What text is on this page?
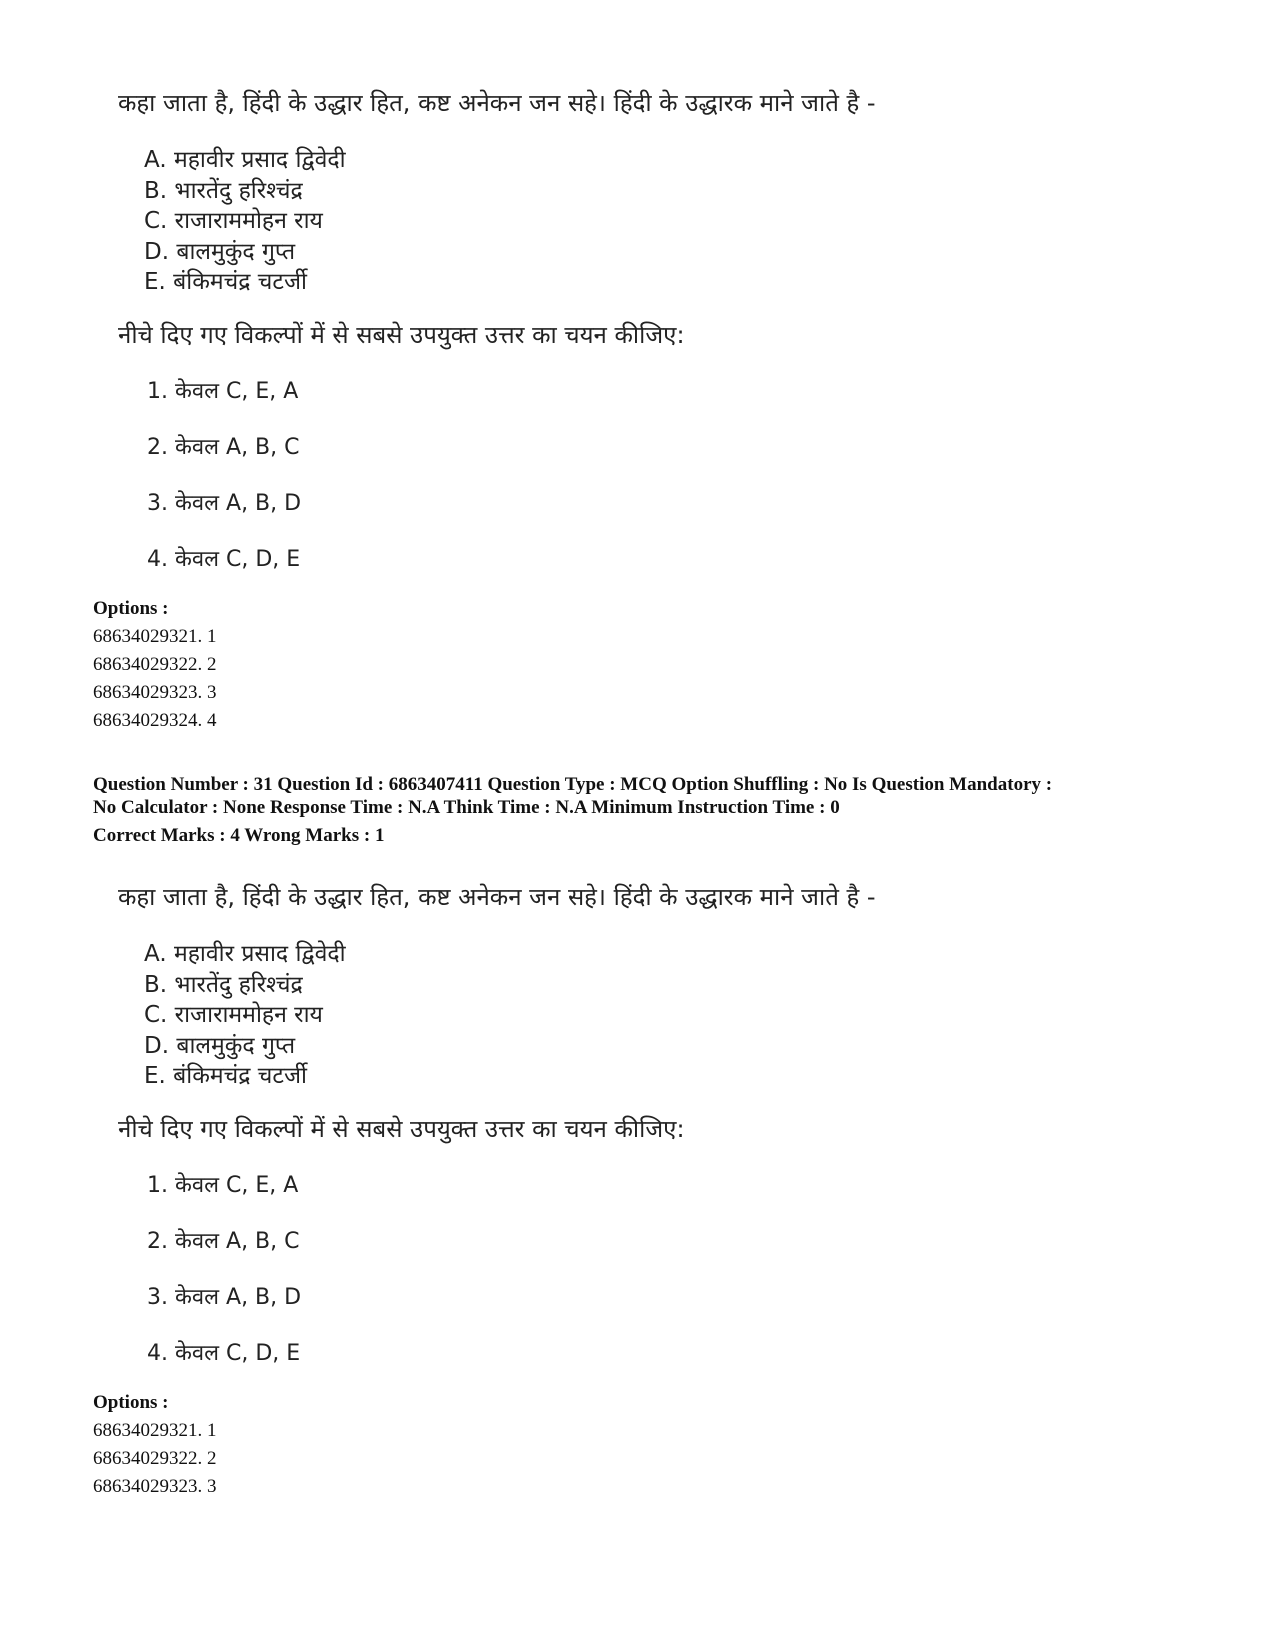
कहा जाता है, हिंदी के उद्धार हित, कष्ट अनेकन जन सहे। हिंदी के उद्धारक माने जाते है -
A. महावीर प्रसाद द्विवेदी
B. भारतेंदु हरिश्चंद्र
C. राजाराममोहन राय
D. बालमुकुंद गुप्त
E. बंकिमचंद्र चटर्जी
नीचे दिए गए विकल्पों में से सबसे उपयुक्त उत्तर का चयन कीजिए:
1. केवल C, E, A
2. केवल A, B, C
3. केवल A, B, D
4. केवल C, D, E
Options :
68634029321. 1
68634029322. 2
68634029323. 3
68634029324. 4
Question Number : 31 Question Id : 6863407411 Question Type : MCQ Option Shuffling : No Is Question Mandatory :
No Calculator : None Response Time : N.A Think Time : N.A Minimum Instruction Time : 0
Correct Marks : 4 Wrong Marks : 1
कहा जाता है, हिंदी के उद्धार हित, कष्ट अनेकन जन सहे। हिंदी के उद्धारक माने जाते है -
A. महावीर प्रसाद द्विवेदी
B. भारतेंदु हरिश्चंद्र
C. राजाराममोहन राय
D. बालमुकुंद गुप्त
E. बंकिमचंद्र चटर्जी
नीचे दिए गए विकल्पों में से सबसे उपयुक्त उत्तर का चयन कीजिए:
1. केवल C, E, A
2. केवल A, B, C
3. केवल A, B, D
4. केवल C, D, E
Options :
68634029321. 1
68634029322. 2
68634029323. 3
